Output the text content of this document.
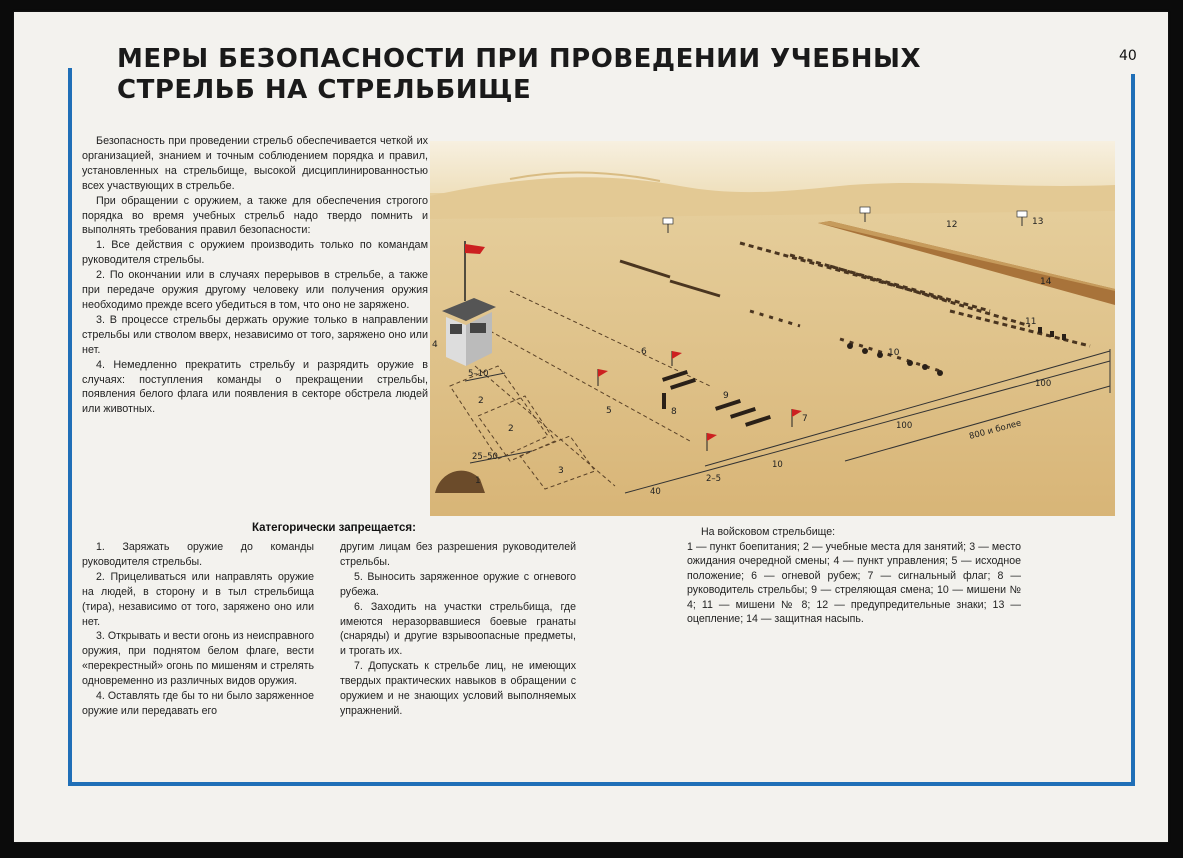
МЕРЫ БЕЗОПАСНОСТИ ПРИ ПРОВЕДЕНИИ УЧЕБНЫХ СТРЕЛЬБ НА СТРЕЛЬБИЩЕ
40

Безопасность при проведении стрельб обеспечивается четкой их организацией, знанием и точным соблюдением порядка и правил, установленных на стрельбище, высокой дисциплинированностью всех участвующих в стрельбе.

При обращении с оружием, а также для обеспечения строгого порядка во время учебных стрельб надо твердо помнить и выполнять требования правил безопасности:

1. Все действия с оружием производить только по командам руководителя стрельбы.

2. По окончании или в случаях перерывов в стрельбе, а также при передаче оружия другому человеку или получения оружия необходимо прежде всего убедиться в том, что оно не заряжено.

3. В процессе стрельбы держать оружие только в направлении стрельбы или стволом вверх, независимо от того, заряжено оно или нет.

4. Немедленно прекратить стрельбу и разрядить оружие в случаях: поступления команды о прекращении стрельбы, появления белого флага или появления в секторе обстрела людей или животных.

4
2
2
3
1
5
6
7
8
9
10
11
12	13
14
5–10
25–50
40
2–5
10
100
100
800 и более
Категорически запрещается:

1. Заряжать оружие до команды руководителя стрельбы.

2. Прицеливаться или направлять оружие на людей, в сторону и в тыл стрельбища (тира), независимо от того, заряжено оно или нет.

3. Открывать и вести огонь из неисправного оружия, при поднятом белом флаге, вести «перекрестный» огонь по мишеням и стрелять одновременно из различных видов оружия.

4. Оставлять где бы то ни было заряженное оружие или передавать его

другим лицам без разрешения руководителей стрельбы.

5. Выносить заряженное оружие с огневого рубежа.

6. Заходить на участки стрельбища, где имеются неразорвавшиеся боевые гранаты (снаряды) и другие взрывоопасные предметы, и трогать их.

7. Допускать к стрельбе лиц, не имеющих твердых практических навыков в обращении с оружием и не знающих условий выполняемых упражнений.

На войсковом стрельбище:
1 — пункт боепитания; 2 — учебные места для занятий; 3 — место ожидания очередной смены; 4 — пункт управления; 5 — исходное положение; 6 — огневой рубеж; 7 — сигнальный флаг; 8 — руководитель стрельбы; 9 — стреляющая смена; 10 — мишени № 4; 11 — мишени № 8; 12 — предупредительные знаки; 13 — оцепление; 14 — защитная насыпь.
